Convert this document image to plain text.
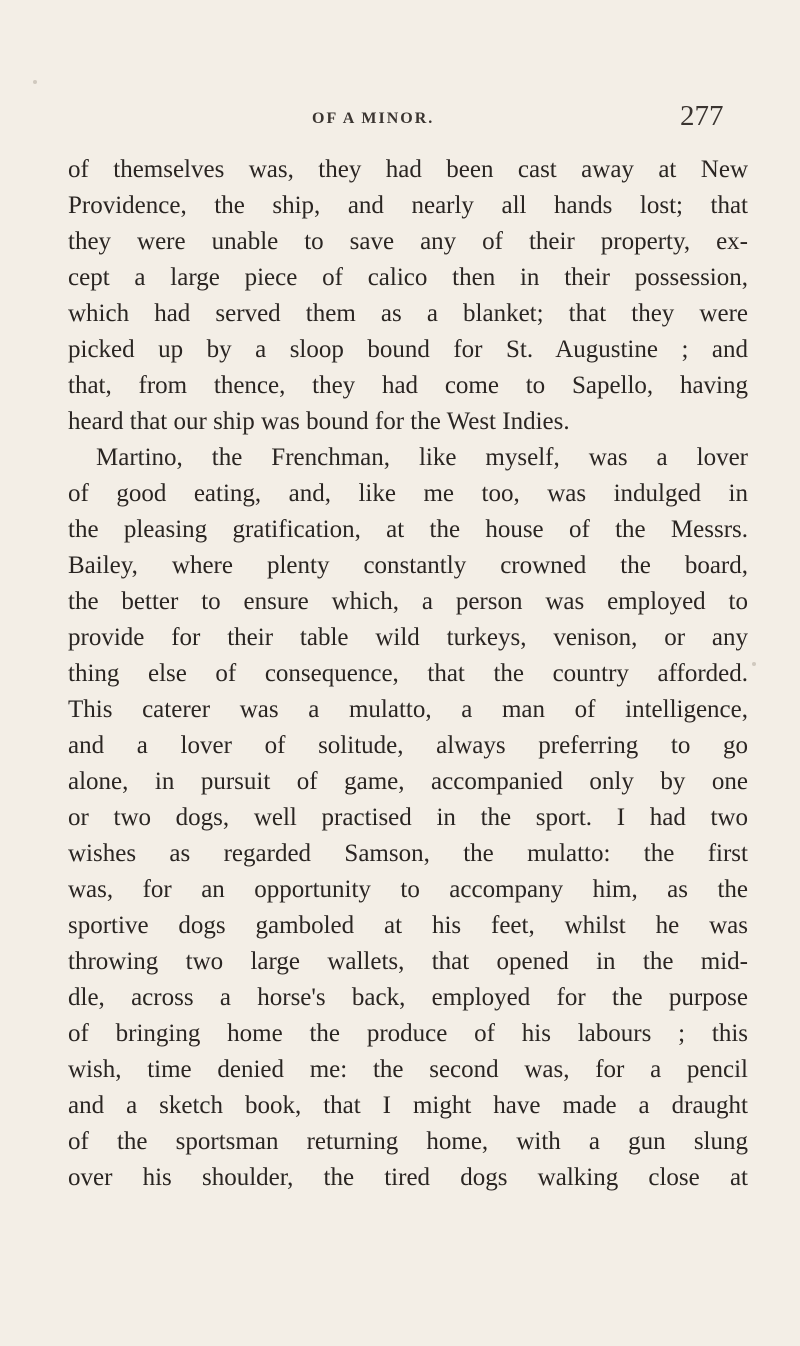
OF A MINOR.	277
of themselves was, they had been cast away at New
Providence, the ship, and nearly all hands lost; that
they were unable to save any of their property, ex-
cept a large piece of calico then in their possession,
which had served them as a blanket; that they were
picked up by a sloop bound for St. Augustine ; and
that, from thence, they had come to Sapello, having
heard that our ship was bound for the West Indies.
Martino, the Frenchman, like myself, was a lover
of good eating, and, like me too, was indulged in
the pleasing gratification, at the house of the Messrs.
Bailey, where plenty constantly crowned the board,
the better to ensure which, a person was employed to
provide for their table wild turkeys, venison, or any
thing else of consequence, that the country afforded.
This caterer was a mulatto, a man of intelligence,
and a lover of solitude, always preferring to go
alone, in pursuit of game, accompanied only by one
or two dogs, well practised in the sport. I had two
wishes as regarded Samson, the mulatto: the first
was, for an opportunity to accompany him, as the
sportive dogs gamboled at his feet, whilst he was
throwing two large wallets, that opened in the mid-
dle, across a horse's back, employed for the purpose
of bringing home the produce of his labours ; this
wish, time denied me: the second was, for a pencil
and a sketch book, that I might have made a draught
of the sportsman returning home, with a gun slung
over his shoulder, the tired dogs walking close at
